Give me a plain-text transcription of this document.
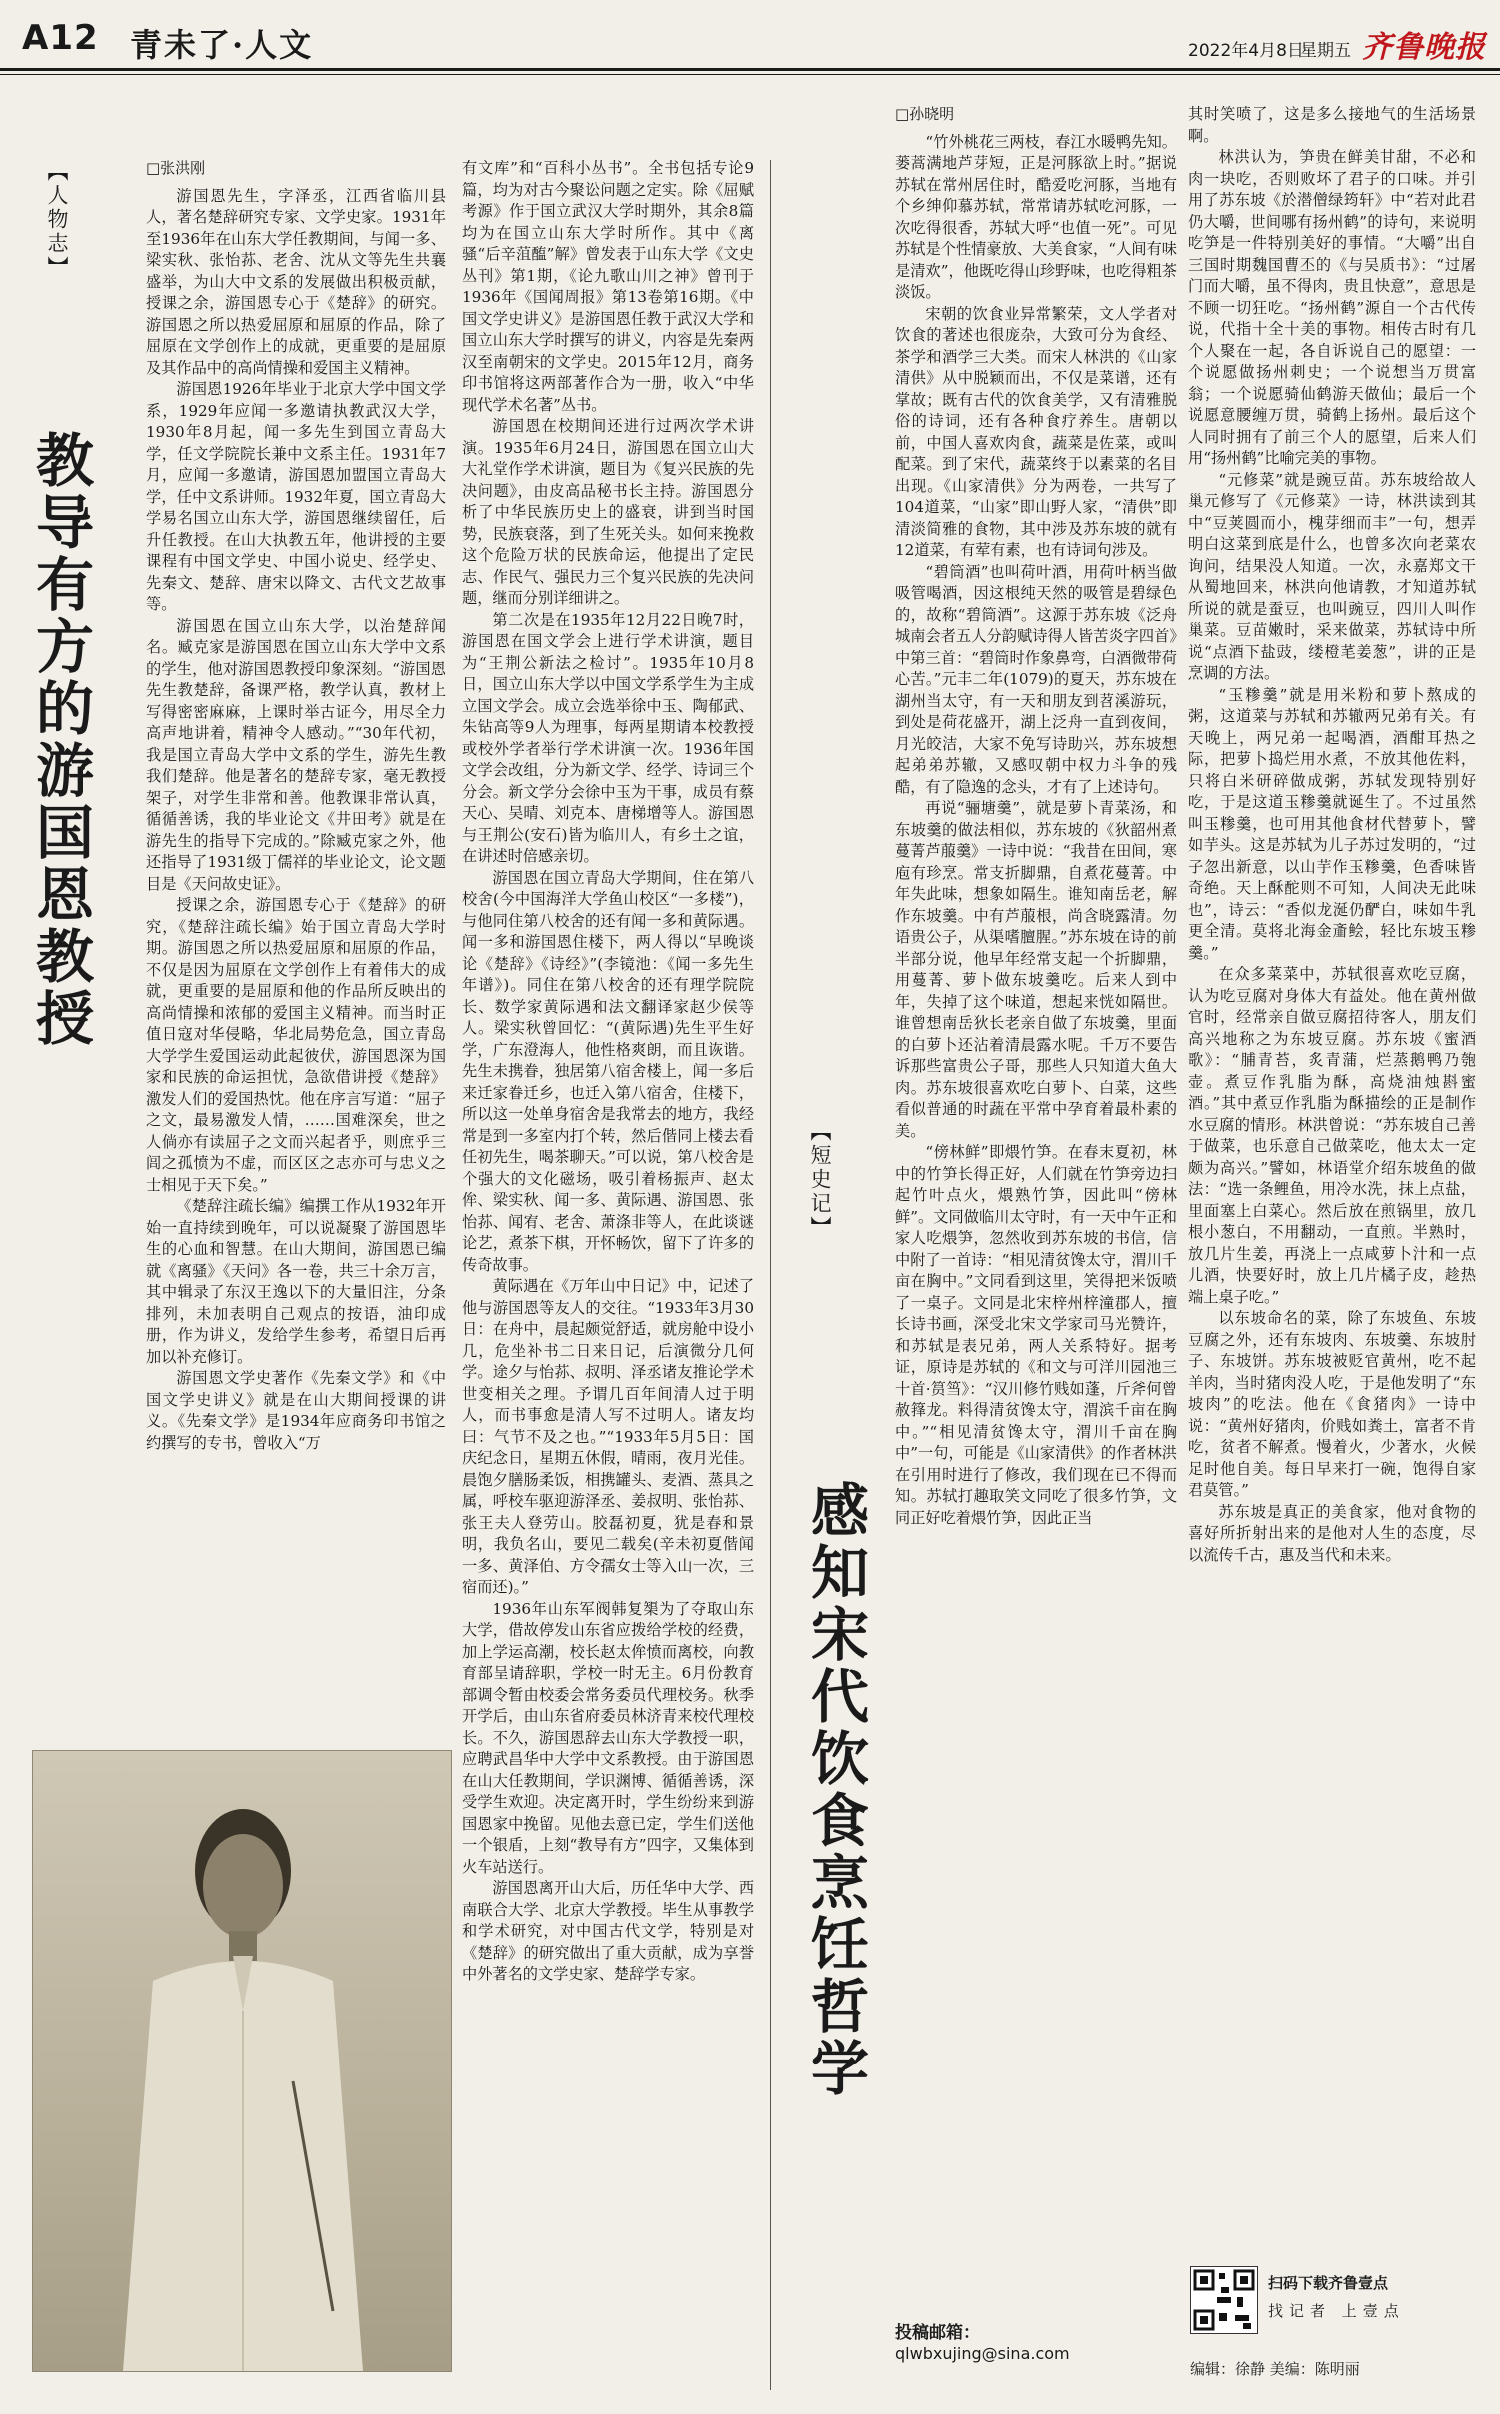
A12 青未了·人文	2022年4月8日
星期五 齐鲁晚报
【人物志】
教导有方的游国恩教授

□张洪刚

游国恩先生，字泽丞，江西省临川县人，著名楚辞研究专家、文学史家。1931年至1936年在山东大学任教期间，与闻一多、梁实秋、张怡荪、老舍、沈从文等先生共襄盛举，为山大中文系的发展做出积极贡献，授课之余，游国恩专心于《楚辞》的研究。游国恩之所以热爱屈原和屈原的作品，除了屈原在文学创作上的成就，更重要的是屈原及其作品中的高尚情操和爱国主义精神。

游国恩1926年毕业于北京大学中国文学系，1929年应闻一多邀请执教武汉大学，1930年8月起，闻一多先生到国立青岛大学，任文学院院长兼中文系主任。1931年7月，应闻一多邀请，游国恩加盟国立青岛大学，任中文系讲师。1932年夏，国立青岛大学易名国立山东大学，游国恩继续留任，后升任教授。在山大执教五年，他讲授的主要课程有中国文学史、中国小说史、经学史、先秦文、楚辞、唐宋以降文、古代文艺故事等。

游国恩在国立山东大学，以治楚辞闻名。臧克家是游国恩在国立山东大学中文系的学生，他对游国恩教授印象深刻。“游国恩先生教楚辞，备课严格，教学认真，教材上写得密密麻麻，上课时举古证今，用尽全力高声地讲着，精神令人感动。”“30年代初，我是国立青岛大学中文系的学生，游先生教我们楚辞。他是著名的楚辞专家，毫无教授架子，对学生非常和善。他教课非常认真，循循善诱，我的毕业论文《井田考》就是在游先生的指导下完成的。”除臧克家之外，他还指导了1931级丁儒祥的毕业论文，论文题目是《天问故史证》。

授课之余，游国恩专心于《楚辞》的研究，《楚辞注疏长编》始于国立青岛大学时期。游国恩之所以热爱屈原和屈原的作品，不仅是因为屈原在文学创作上有着伟大的成就，更重要的是屈原和他的作品所反映出的高尚情操和浓郁的爱国主义精神。而当时正值日寇对华侵略，华北局势危急，国立青岛大学学生爱国运动此起彼伏，游国恩深为国家和民族的命运担忧，急欲借讲授《楚辞》激发人们的爱国热忱。他在序言写道：“屈子之文，最易激发人情，……国难深矣，世之人倘亦有读屈子之文而兴起者乎，则庶乎三闾之孤愤为不虚，而区区之志亦可与忠义之士相见于天下矣。”

《楚辞注疏长编》编撰工作从1932年开始一直持续到晚年，可以说凝聚了游国恩毕生的心血和智慧。在山大期间，游国恩已编就《离骚》《天问》各一卷，共三十余万言，其中辑录了东汉王逸以下的大量旧注，分条排列，未加表明自己观点的按语，油印成册，作为讲义，发给学生参考，希望日后再加以补充修订。

游国恩文学史著作《先秦文学》和《中国文学史讲义》就是在山大期间授课的讲义。《先秦文学》是1934年应商务印书馆之约撰写的专书，曾收入“万

有文库”和“百科小丛书”。全书包括专论9篇，均为对古今聚讼问题之定实。除《屈赋考源》作于国立武汉大学时期外，其余8篇均为在国立山东大学时所作。其中《离骚“后辛菹醢”解》曾发表于山东大学《文史丛刊》第1期，《论九歌山川之神》曾刊于1936年《国闻周报》第13卷第16期。《中国文学史讲义》是游国恩任教于武汉大学和国立山东大学时撰写的讲义，内容是先秦两汉至南朝宋的文学史。2015年12月，商务印书馆将这两部著作合为一册，收入“中华现代学术名著”丛书。

游国恩在校期间还进行过两次学术讲演。1935年6月24日，游国恩在国立山大大礼堂作学术讲演，题目为《复兴民族的先决问题》，由皮高品秘书长主持。游国恩分析了中华民族历史上的盛衰，讲到当时国势，民族衰落，到了生死关头。如何来挽救这个危险万状的民族命运，他提出了定民志、作民气、强民力三个复兴民族的先决问题，继而分别详细讲之。

第二次是在1935年12月22日晚7时，游国恩在国文学会上进行学术讲演，题目为“王荆公新法之检讨”。1935年10月8日，国立山东大学以中国文学系学生为主成立国文学会。成立会选举徐中玉、陶郁武、朱钻高等9人为理事，每两星期请本校教授或校外学者举行学术讲演一次。1936年国文学会改组，分为新文学、经学、诗词三个分会。新文学分会徐中玉为干事，成员有蔡天心、吴晴、刘克本、唐梯增等人。游国恩与王荆公(安石)皆为临川人，有乡土之谊，在讲述时倍感亲切。

游国恩在国立青岛大学期间，住在第八校舍(今中国海洋大学鱼山校区“一多楼”)，与他同住第八校舍的还有闻一多和黄际遇。闻一多和游国恩住楼下，两人得以“早晚谈论《楚辞》《诗经》”(李镜池：《闻一多先生年谱》)。同住在第八校舍的还有理学院院长、数学家黄际遇和法文翻译家赵少侯等人。梁实秋曾回忆：“(黄际遇)先生平生好学，广东澄海人，他性格爽朗，而且诙谐。先生未携眷，独居第八宿舍楼上，闻一多后来迁家眷迁乡，也迁入第八宿舍，住楼下，所以这一处单身宿舍是我常去的地方，我经常是到一多室内打个转，然后偕同上楼去看任初先生，喝茶聊天。”可以说，第八校舍是个强大的文化磁场，吸引着杨振声、赵太侔、梁实秋、闻一多、黄际遇、游国恩、张怡荪、闻宥、老舍、萧涤非等人，在此谈谜论艺，煮茶下棋，开怀畅饮，留下了许多的传奇故事。

黄际遇在《万年山中日记》中，记述了他与游国恩等友人的交往。“1933年3月30日：在舟中，晨起颇觉舒适，就房舱中设小几，危坐补书二日来日记，后演微分几何学。途夕与怡荪、叔明、泽丞诸友推论学术世变相关之理。予谓几百年间清人过于明人，而书事愈是清人写不过明人。诸友均曰：气节不及之也。”“1933年5月5日：国庆纪念日，星期五休假，晴雨，夜月光佳。晨饱夕膳肠柔饭，相携罐头、麦酒、蒸具之属，呼校车驱迎游泽丞、姜叔明、张怡荪、张王夫人登劳山。胶磊初夏，犹是春和景明，我负名山，要见二载矣(辛未初夏偕闻一多、黄泽伯、方令孺女士等入山一次，三宿而还)。”

1936年山东军阀韩复榘为了夺取山东大学，借故停发山东省应拨给学校的经费，加上学运高潮，校长赵太侔愤而离校，向教育部呈请辞职，学校一时无主。6月份教育部调令暂由校委会常务委员代理校务。秋季开学后，由山东省府委员林济青来校代理校长。不久，游国恩辞去山东大学教授一职，应聘武昌华中大学中文系教授。由于游国恩在山大任教期间，学识渊博、循循善诱，深受学生欢迎。决定离开时，学生纷纷来到游国恩家中挽留。见他去意已定，学生们送他一个银盾，上刻“教导有方”四字，又集体到火车站送行。

游国恩离开山大后，历任华中大学、西南联合大学、北京大学教授。毕生从事教学和学术研究，对中国古代文学，特别是对《楚辞》的研究做出了重大贡献，成为享誉中外著名的文学史家、楚辞学专家。

【短史记】
感知宋代饮食烹饪哲学

□孙晓明

“竹外桃花三两枝，春江水暖鸭先知。蒌蒿满地芦芽短，正是河豚欲上时。”据说苏轼在常州居住时，酷爱吃河豚，当地有个乡绅仰慕苏轼，常常请苏轼吃河豚，一次吃得很香，苏轼大呼“也值一死”。可见苏轼是个性情豪放、大美食家，“人间有味是清欢”，他既吃得山珍野味，也吃得粗茶淡饭。

宋朝的饮食业异常繁荣，文人学者对饮食的著述也很庞杂，大致可分为食经、茶学和酒学三大类。而宋人林洪的《山家清供》从中脱颖而出，不仅是菜谱，还有掌故；既有古代的饮食美学，又有清雅脱俗的诗词，还有各种食疗养生。唐朝以前，中国人喜欢肉食，蔬菜是佐菜，或叫配菜。到了宋代，蔬菜终于以素菜的名目出现。《山家清供》分为两卷，一共写了104道菜，“山家”即山野人家，“清供”即清淡简雅的食物，其中涉及苏东坡的就有12道菜，有荤有素，也有诗词句涉及。

“碧筒酒”也叫荷叶酒，用荷叶柄当做吸管喝酒，因这根纯天然的吸管是碧绿色的，故称“碧筒酒”。这源于苏东坡《泛舟城南会者五人分韵赋诗得人皆苦炎字四首》中第三首：“碧筒时作象鼻弯，白酒微带荷心苦。”元丰二年(1079)的夏天，苏东坡在湖州当太守，有一天和朋友到苕溪游玩，到处是荷花盛开，湖上泛舟一直到夜间，月光皎洁，大家不免写诗助兴，苏东坡想起弟弟苏辙，又感叹朝中权力斗争的残酷，有了隐逸的念头，才有了上述诗句。

再说“骊塘羹”，就是萝卜青菜汤，和东坡羹的做法相似，苏东坡的《狄韶州煮蔓菁芦菔羹》一诗中说：“我昔在田间，寒庖有珍烹。常支折脚鼎，自煮花蔓菁。中年失此味，想象如隔生。谁知南岳老，解作东坡羹。中有芦菔根，尚含晓露清。勿语贵公子，从渠嗜膻腥。”苏东坡在诗的前半部分说，他早年经常支起一个折脚鼎，用蔓菁、萝卜做东坡羹吃。后来人到中年，失掉了这个味道，想起来恍如隔世。谁曾想南岳狄长老亲自做了东坡羹，里面的白萝卜还沾着清晨露水呢。千万不要告诉那些富贵公子哥，那些人只知道大鱼大肉。苏东坡很喜欢吃白萝卜、白菜，这些看似普通的时蔬在平常中孕育着最朴素的美。

“傍林鲜”即煨竹笋。在春末夏初，林中的竹笋长得正好，人们就在竹笋旁边扫起竹叶点火，煨熟竹笋，因此叫“傍林鲜”。文同做临川太守时，有一天中午正和家人吃煨笋，忽然收到苏东坡的书信，信中附了一首诗：“相见清贫馋太守，渭川千亩在胸中。”文同看到这里，笑得把米饭喷了一桌子。文同是北宋梓州梓潼郡人，擅长诗书画，深受北宋文学家司马光赞许，和苏轼是表兄弟，两人关系特好。据考证，原诗是苏轼的《和文与可洋川园池三十首·筼筜》：“汉川修竹贱如蓬，斤斧何曾赦箨龙。料得清贫馋太守，渭滨千亩在胸中。”“相见清贫馋太守，渭川千亩在胸中”一句，可能是《山家清供》的作者林洪在引用时进行了修改，我们现在已不得而知。苏轼打趣取笑文同吃了很多竹笋，文同正好吃着煨竹笋，因此正当

其时笑喷了，这是多么接地气的生活场景啊。

林洪认为，笋贵在鲜美甘甜，不必和肉一块吃，否则败坏了君子的口味。并引用了苏东坡《於潜僧绿筠轩》中“若对此君仍大嚼，世间哪有扬州鹤”的诗句，来说明吃笋是一件特别美好的事情。“大嚼”出自三国时期魏国曹丕的《与吴质书》：“过屠门而大嚼，虽不得肉，贵且快意”，意思是不顾一切狂吃。“扬州鹤”源自一个古代传说，代指十全十美的事物。相传古时有几个人聚在一起，各自诉说自己的愿望：一个说愿做扬州刺史；一个说想当万贯富翁；一个说愿骑仙鹤游天做仙；最后一个说愿意腰缠万贯，骑鹤上扬州。最后这个人同时拥有了前三个人的愿望，后来人们用“扬州鹤”比喻完美的事物。

“元修菜”就是豌豆苗。苏东坡给故人巢元修写了《元修菜》一诗，林洪读到其中“豆荚圆而小，槐芽细而丰”一句，想弄明白这菜到底是什么，也曾多次向老菜农询问，结果没人知道。一次，永嘉郑文干从蜀地回来，林洪向他请教，才知道苏轼所说的就是蚕豆，也叫豌豆，四川人叫作巢菜。豆苗嫩时，采来做菜，苏轼诗中所说“点酒下盐豉，缕橙芼姜葱”，讲的正是烹调的方法。

“玉糁羹”就是用米粉和萝卜熬成的粥，这道菜与苏轼和苏辙两兄弟有关。有天晚上，两兄弟一起喝酒，酒酣耳热之际，把萝卜捣烂用水煮，不放其他佐料，只将白米研碎做成粥，苏轼发现特别好吃，于是这道玉糁羹就诞生了。不过虽然叫玉糁羹，也可用其他食材代替萝卜，譬如芋头。这是苏轼为儿子苏过发明的，“过子忽出新意，以山芋作玉糁羹，色香味皆奇绝。天上酥酡则不可知，人间决无此味也”，诗云：“香似龙涎仍酽白，味如牛乳更全清。莫将北海金齑鲙，轻比东坡玉糁羹。”

在众多菜菜中，苏轼很喜欢吃豆腐，认为吃豆腐对身体大有益处。他在黄州做官时，经常亲自做豆腐招待客人，朋友们高兴地称之为东坡豆腐。苏东坡《蜜酒歌》：“脯青苔，炙青蒲，烂蒸鹅鸭乃匏壶。煮豆作乳脂为酥，高烧油烛斟蜜酒。”其中煮豆作乳脂为酥描绘的正是制作水豆腐的情形。林洪曾说：“苏东坡自己善于做菜，也乐意自己做菜吃，他太太一定颇为高兴。”譬如，林语堂介绍东坡鱼的做法：“选一条鲤鱼，用冷水洗，抹上点盐，里面塞上白菜心。然后放在煎锅里，放几根小葱白，不用翻动，一直煎。半熟时，放几片生姜，再浇上一点咸萝卜汁和一点儿酒，快要好时，放上几片橘子皮，趁热端上桌子吃。”

以东坡命名的菜，除了东坡鱼、东坡豆腐之外，还有东坡肉、东坡羹、东坡肘子、东坡饼。苏东坡被贬官黄州，吃不起羊肉，当时猪肉没人吃，于是他发明了“东坡肉”的吃法。他在《食猪肉》一诗中说：“黄州好猪肉，价贱如粪土，富者不肯吃，贫者不解煮。慢着火，少著水，火候足时他自美。每日早来打一碗，饱得自家君莫管。”

苏东坡是真正的美食家，他对食物的喜好所折射出来的是他对人生的态度，尽以流传千古，惠及当代和未来。

投稿邮箱：
qlwbxujing@sina.com
扫码下载齐鲁壹点
找记者 上壹点
编辑：徐静 美编：陈明丽
